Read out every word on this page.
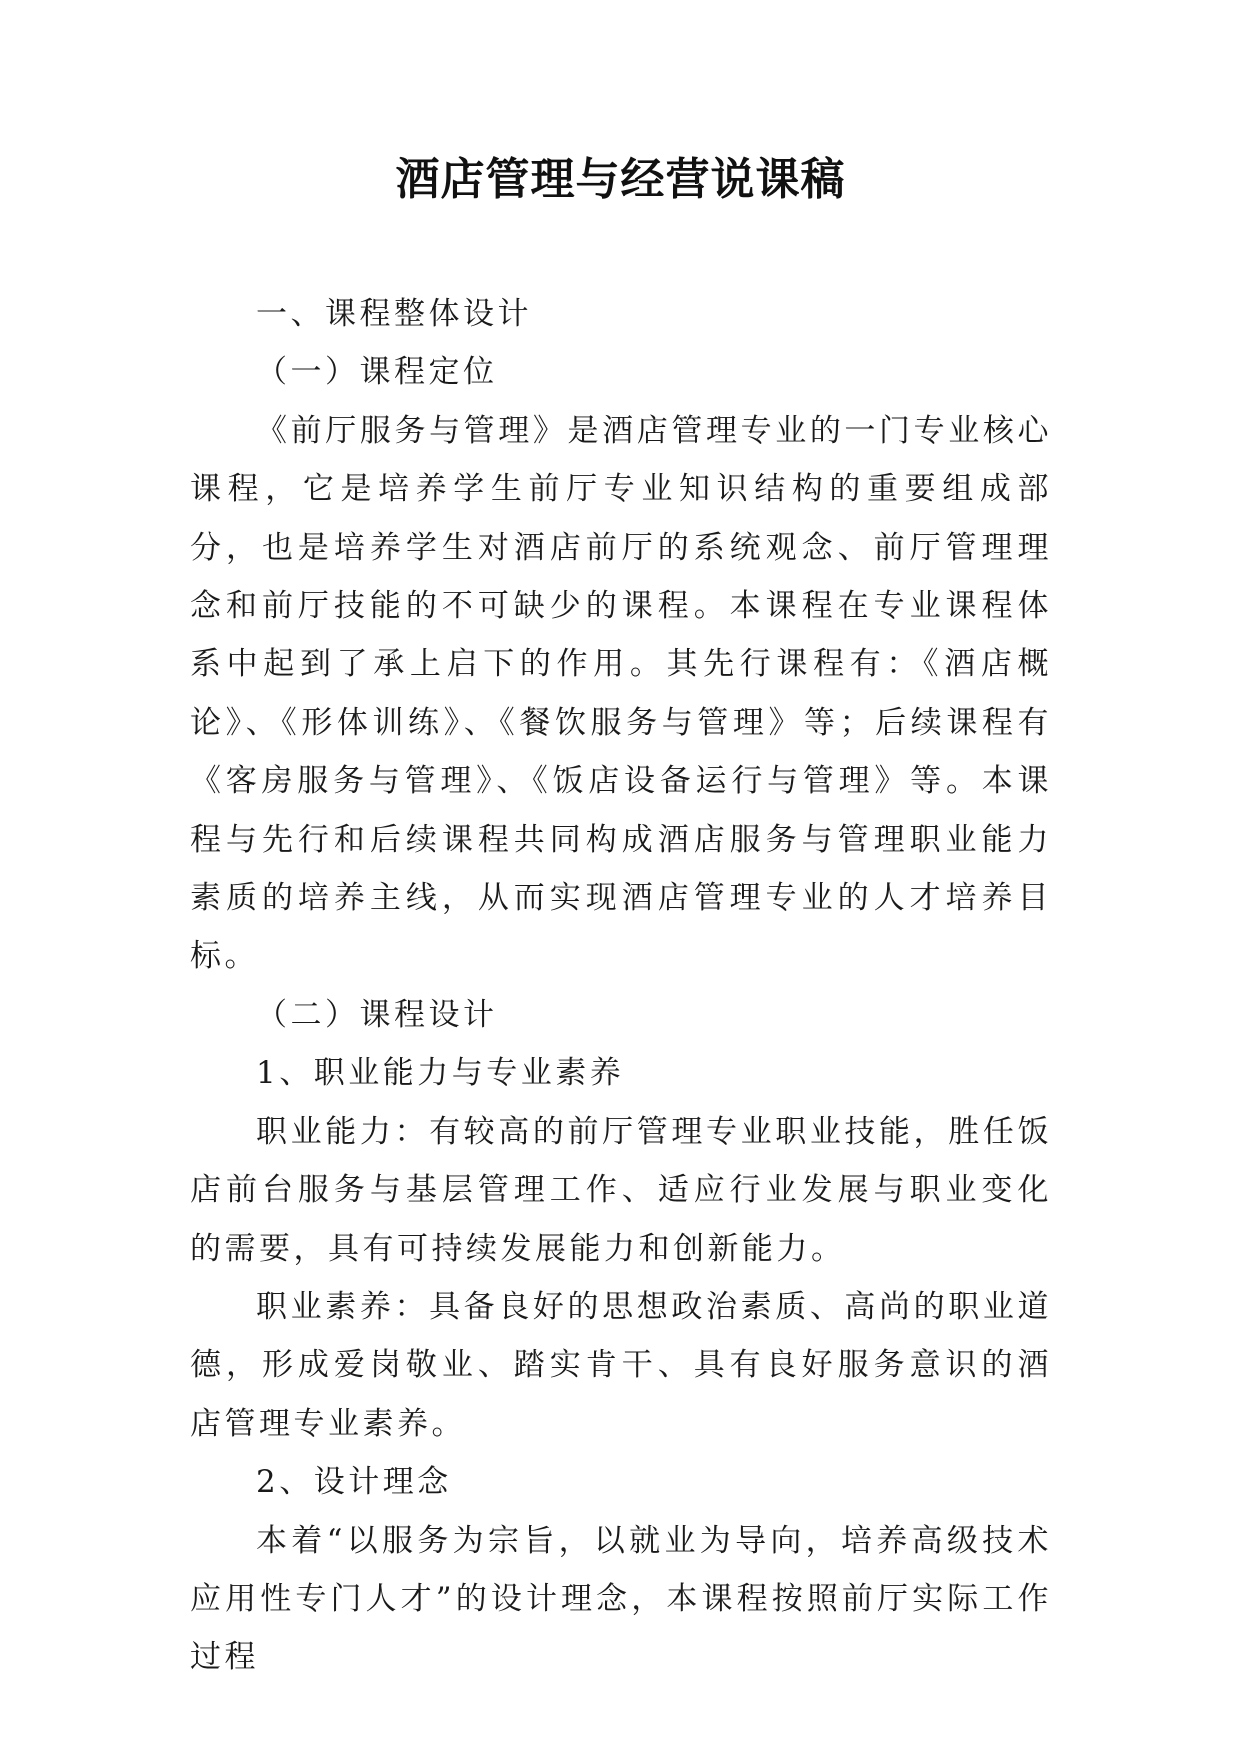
酒店管理与经营说课稿

一、课程整体设计

（一）课程定位

《前厅服务与管理》是酒店管理专业的一门专业核心课程，它是培养学生前厅专业知识结构的重要组成部分，也是培养学生对酒店前厅的系统观念、前厅管理理念和前厅技能的不可缺少的课程。本课程在专业课程体系中起到了承上启下的作用。其先行课程有：《酒店概论》、《形体训练》、《餐饮服务与管理》等；后续课程有《客房服务与管理》、《饭店设备运行与管理》等。本课程与先行和后续课程共同构成酒店服务与管理职业能力素质的培养主线，从而实现酒店管理专业的人才培养目标。

（二）课程设计

1、职业能力与专业素养

职业能力：有较高的前厅管理专业职业技能，胜任饭店前台服务与基层管理工作、适应行业发展与职业变化的需要，具有可持续发展能力和创新能力。

职业素养：具备良好的思想政治素质、高尚的职业道德，形成爱岗敬业、踏实肯干、具有良好服务意识的酒店管理专业素养。

2、设计理念

本着“以服务为宗旨，以就业为导向，培养高级技术应用性专门人才”的设计理念，本课程按照前厅实际工作过程
